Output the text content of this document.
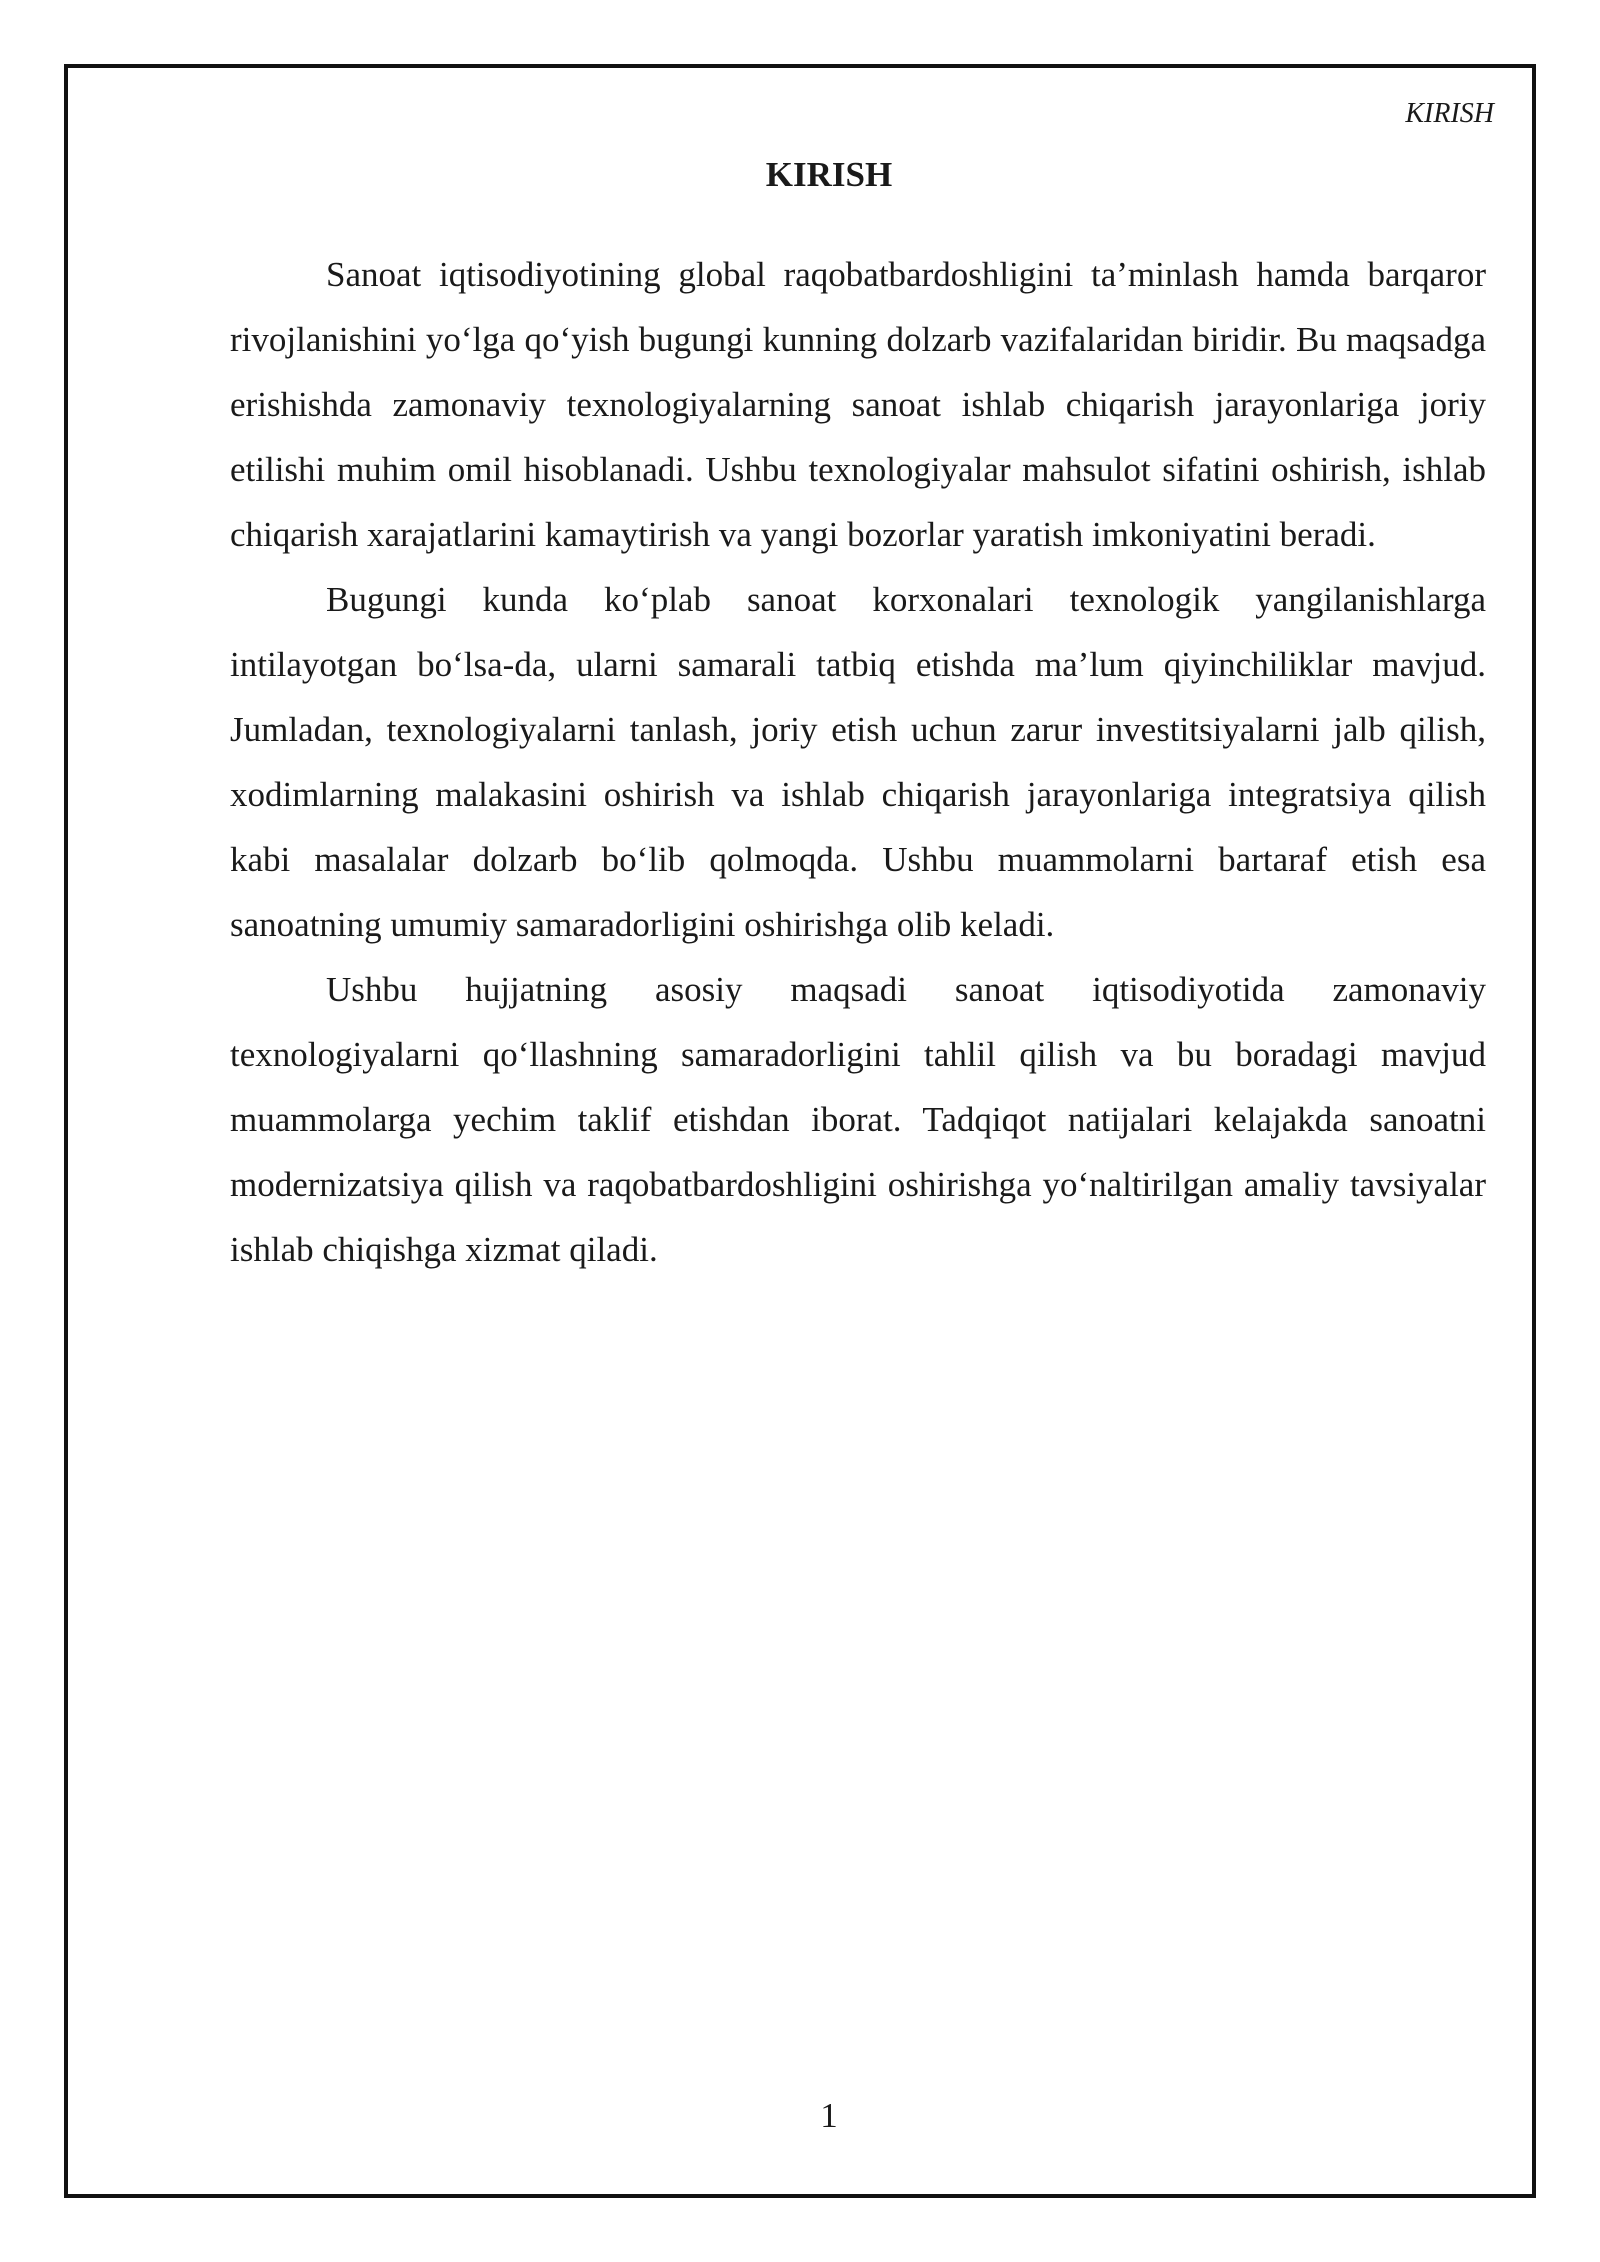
KIRISH
KIRISH

Sanoat iqtisodiyotining global raqobatbardoshligini ta’minlash hamda barqaror rivojlanishini yo‘lga qo‘yish bugungi kunning dolzarb vazifalaridan biridir. Bu maqsadga erishishda zamonaviy texnologiyalarning sanoat ishlab chiqarish jarayonlariga joriy etilishi muhim omil hisoblanadi. Ushbu texnologiyalar mahsulot sifatini oshirish, ishlab chiqarish xarajatlarini kamaytirish va yangi bozorlar yaratish imkoniyatini beradi.

Bugungi kunda ko‘plab sanoat korxonalari texnologik yangilanishlarga intilayotgan bo‘lsa-da, ularni samarali tatbiq etishda ma’lum qiyinchiliklar mavjud. Jumladan, texnologiyalarni tanlash, joriy etish uchun zarur investitsiyalarni jalb qilish, xodimlarning malakasini oshirish va ishlab chiqarish jarayonlariga integratsiya qilish kabi masalalar dolzarb bo‘lib qolmoqda. Ushbu muammolarni bartaraf etish esa sanoatning umumiy samaradorligini oshirishga olib keladi.

Ushbu hujjatning asosiy maqsadi sanoat iqtisodiyotida zamonaviy texnologiyalarni qo‘llashning samaradorligini tahlil qilish va bu boradagi mavjud muammolarga yechim taklif etishdan iborat. Tadqiqot natijalari kelajakda sanoatni modernizatsiya qilish va raqobatbardoshligini oshirishga yo‘naltirilgan amaliy tavsiyalar ishlab chiqishga xizmat qiladi.

1
